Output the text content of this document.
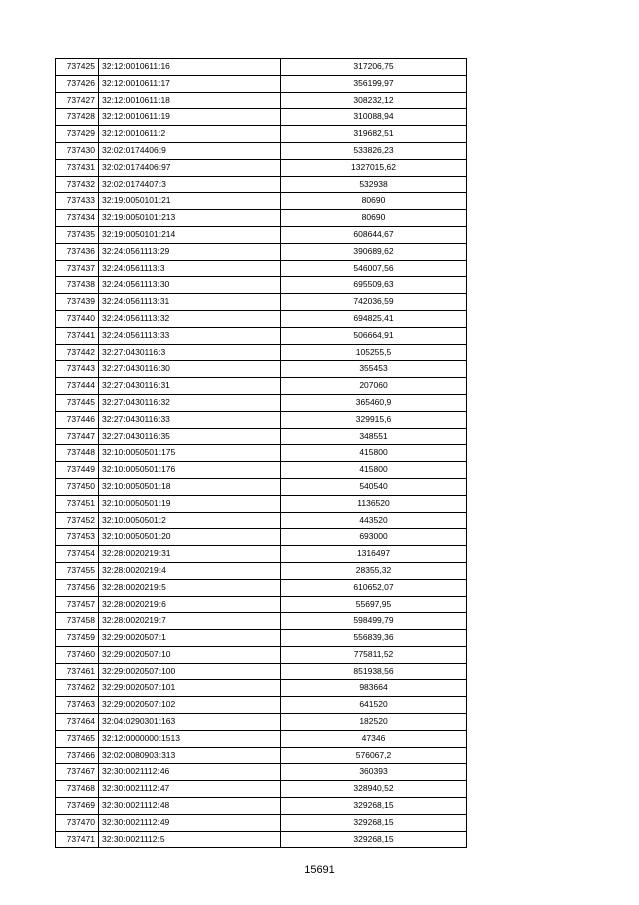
737425	32:12:0010611:16	317206,75
737426	32:12:0010611:17	356199,97
737427	32:12:0010611:18	308232,12
737428	32:12:0010611:19	310088,94
737429	32:12:0010611:2	319682,51
737430	32:02:0174406:9	533826,23
737431	32:02:0174406:97	1327015,62
737432	32:02:0174407:3	532938
737433	32:19:0050101:21	80690
737434	32:19:0050101:213	80690
737435	32:19:0050101:214	608644,67
737436	32:24:0561113:29	390689,62
737437	32:24:0561113:3	546007,56
737438	32:24:0561113:30	695509,63
737439	32:24:0561113:31	742036,59
737440	32:24:0561113:32	694825,41
737441	32:24:0561113:33	506664,91
737442	32:27:0430116:3	105255,5
737443	32:27:0430116:30	355453
737444	32:27:0430116:31	207060
737445	32:27:0430116:32	365460,9
737446	32:27:0430116:33	329915,6
737447	32:27:0430116:35	348551
737448	32:10:0050501:175	415800
737449	32:10:0050501:176	415800
737450	32:10:0050501:18	540540
737451	32:10:0050501:19	1136520
737452	32:10:0050501:2	443520
737453	32:10:0050501:20	693000
737454	32:28:0020219:31	1316497
737455	32:28:0020219:4	28355,32
737456	32:28:0020219:5	610652,07
737457	32:28:0020219:6	55697,95
737458	32:28:0020219:7	598499,79
737459	32:29:0020507:1	556839,36
737460	32:29:0020507:10	775811,52
737461	32:29:0020507:100	851938,56
737462	32:29:0020507:101	983664
737463	32:29:0020507:102	641520
737464	32:04:0290301:163	182520
737465	32:12:0000000:1513	47346
737466	32:02:0080903:313	576067,2
737467	32:30:0021112:46	360393
737468	32:30:0021112:47	328940,52
737469	32:30:0021112:48	329268,15
737470	32:30:0021112:49	329268,15
737471	32:30:0021112:5	329268,15
15691
